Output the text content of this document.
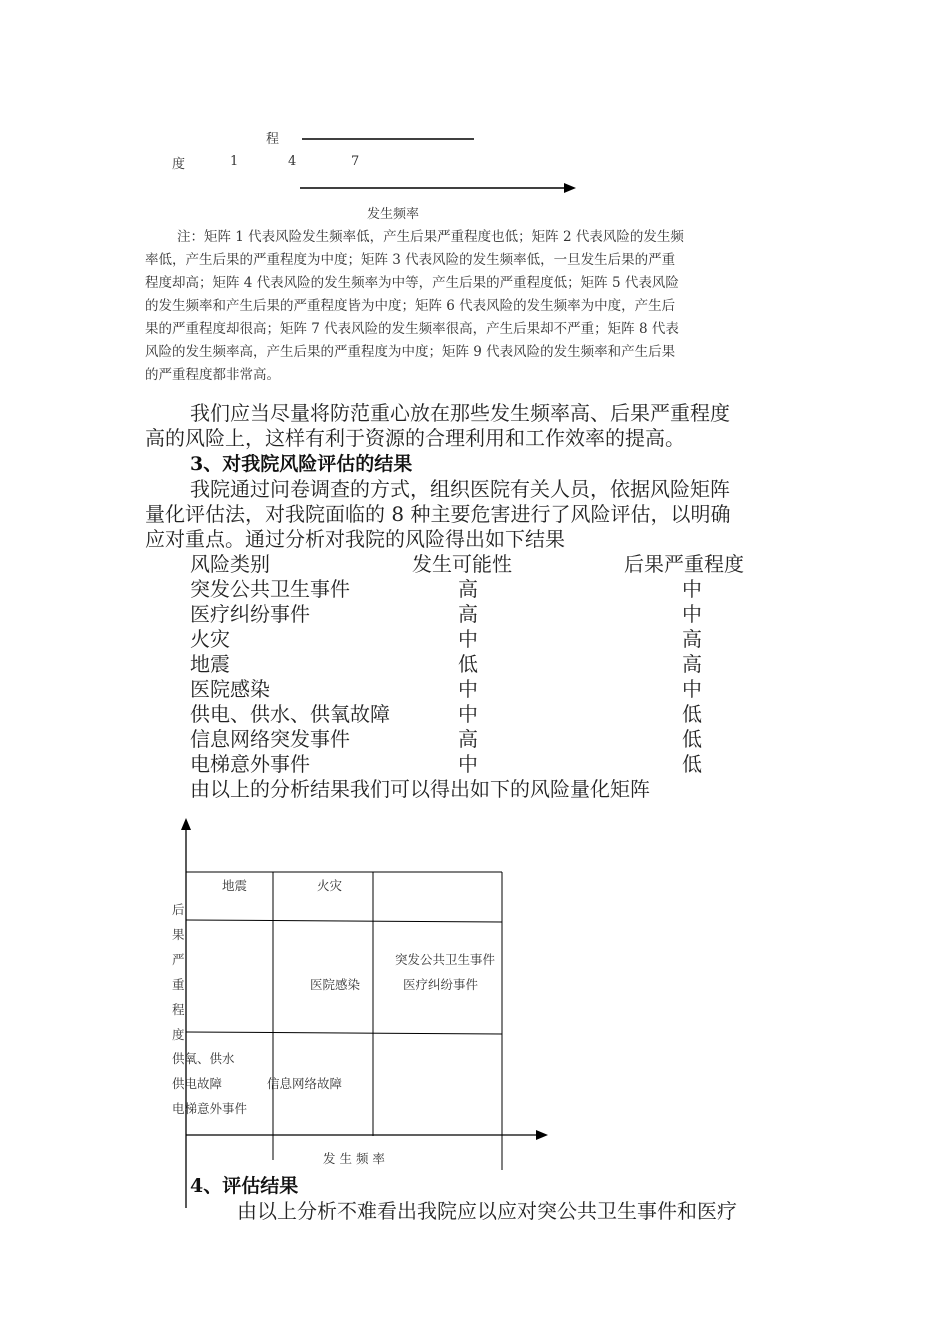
程
度	1	4	7
发生频率
注：矩阵 1 代表风险发生频率低，产生后果严重程度也低；矩阵 2 代表风险的发生频
率低，产生后果的严重程度为中度；矩阵 3 代表风险的发生频率低，一旦发生后果的严重
程度却高；矩阵 4 代表风险的发生频率为中等，产生后果的严重程度低；矩阵 5 代表风险
的发生频率和产生后果的严重程度皆为中度；矩阵 6 代表风险的发生频率为中度，产生后
果的严重程度却很高；矩阵 7 代表风险的发生频率很高，产生后果却不严重；矩阵 8 代表
风险的发生频率高，产生后果的严重程度为中度；矩阵 9 代表风险的发生频率和产生后果
的严重程度都非常高。
我们应当尽量将防范重心放在那些发生频率高、后果严重程度
高的风险上，这样有利于资源的合理利用和工作效率的提高。
3、对我院风险评估的结果
我院通过问卷调查的方式，组织医院有关人员，依据风险矩阵
量化评估法，对我院面临的 8 种主要危害进行了风险评估，以明确
应对重点。通过分析对我院的风险得出如下结果
风险类别	发生可能性	后果严重程度
突发公共卫生事件	高	中
医疗纠纷事件	高	中
火灾	中	高
地震	低	高
医院感染	中	中
供电、供水、供氧故障	中	低
信息网络突发事件	高	低
电梯意外事件	中	低
由以上的分析结果我们可以得出如下的风险量化矩阵
后
果
严
重
程
度
地震	火灾
突发公共卫生事件
医疗纠纷事件
医院感染
供氧、供水
供电故障
电梯意外事件
信息网络故障
发 生 频 率
4、评估结果
由以上分析不难看出我院应以应对突公共卫生事件和医疗
